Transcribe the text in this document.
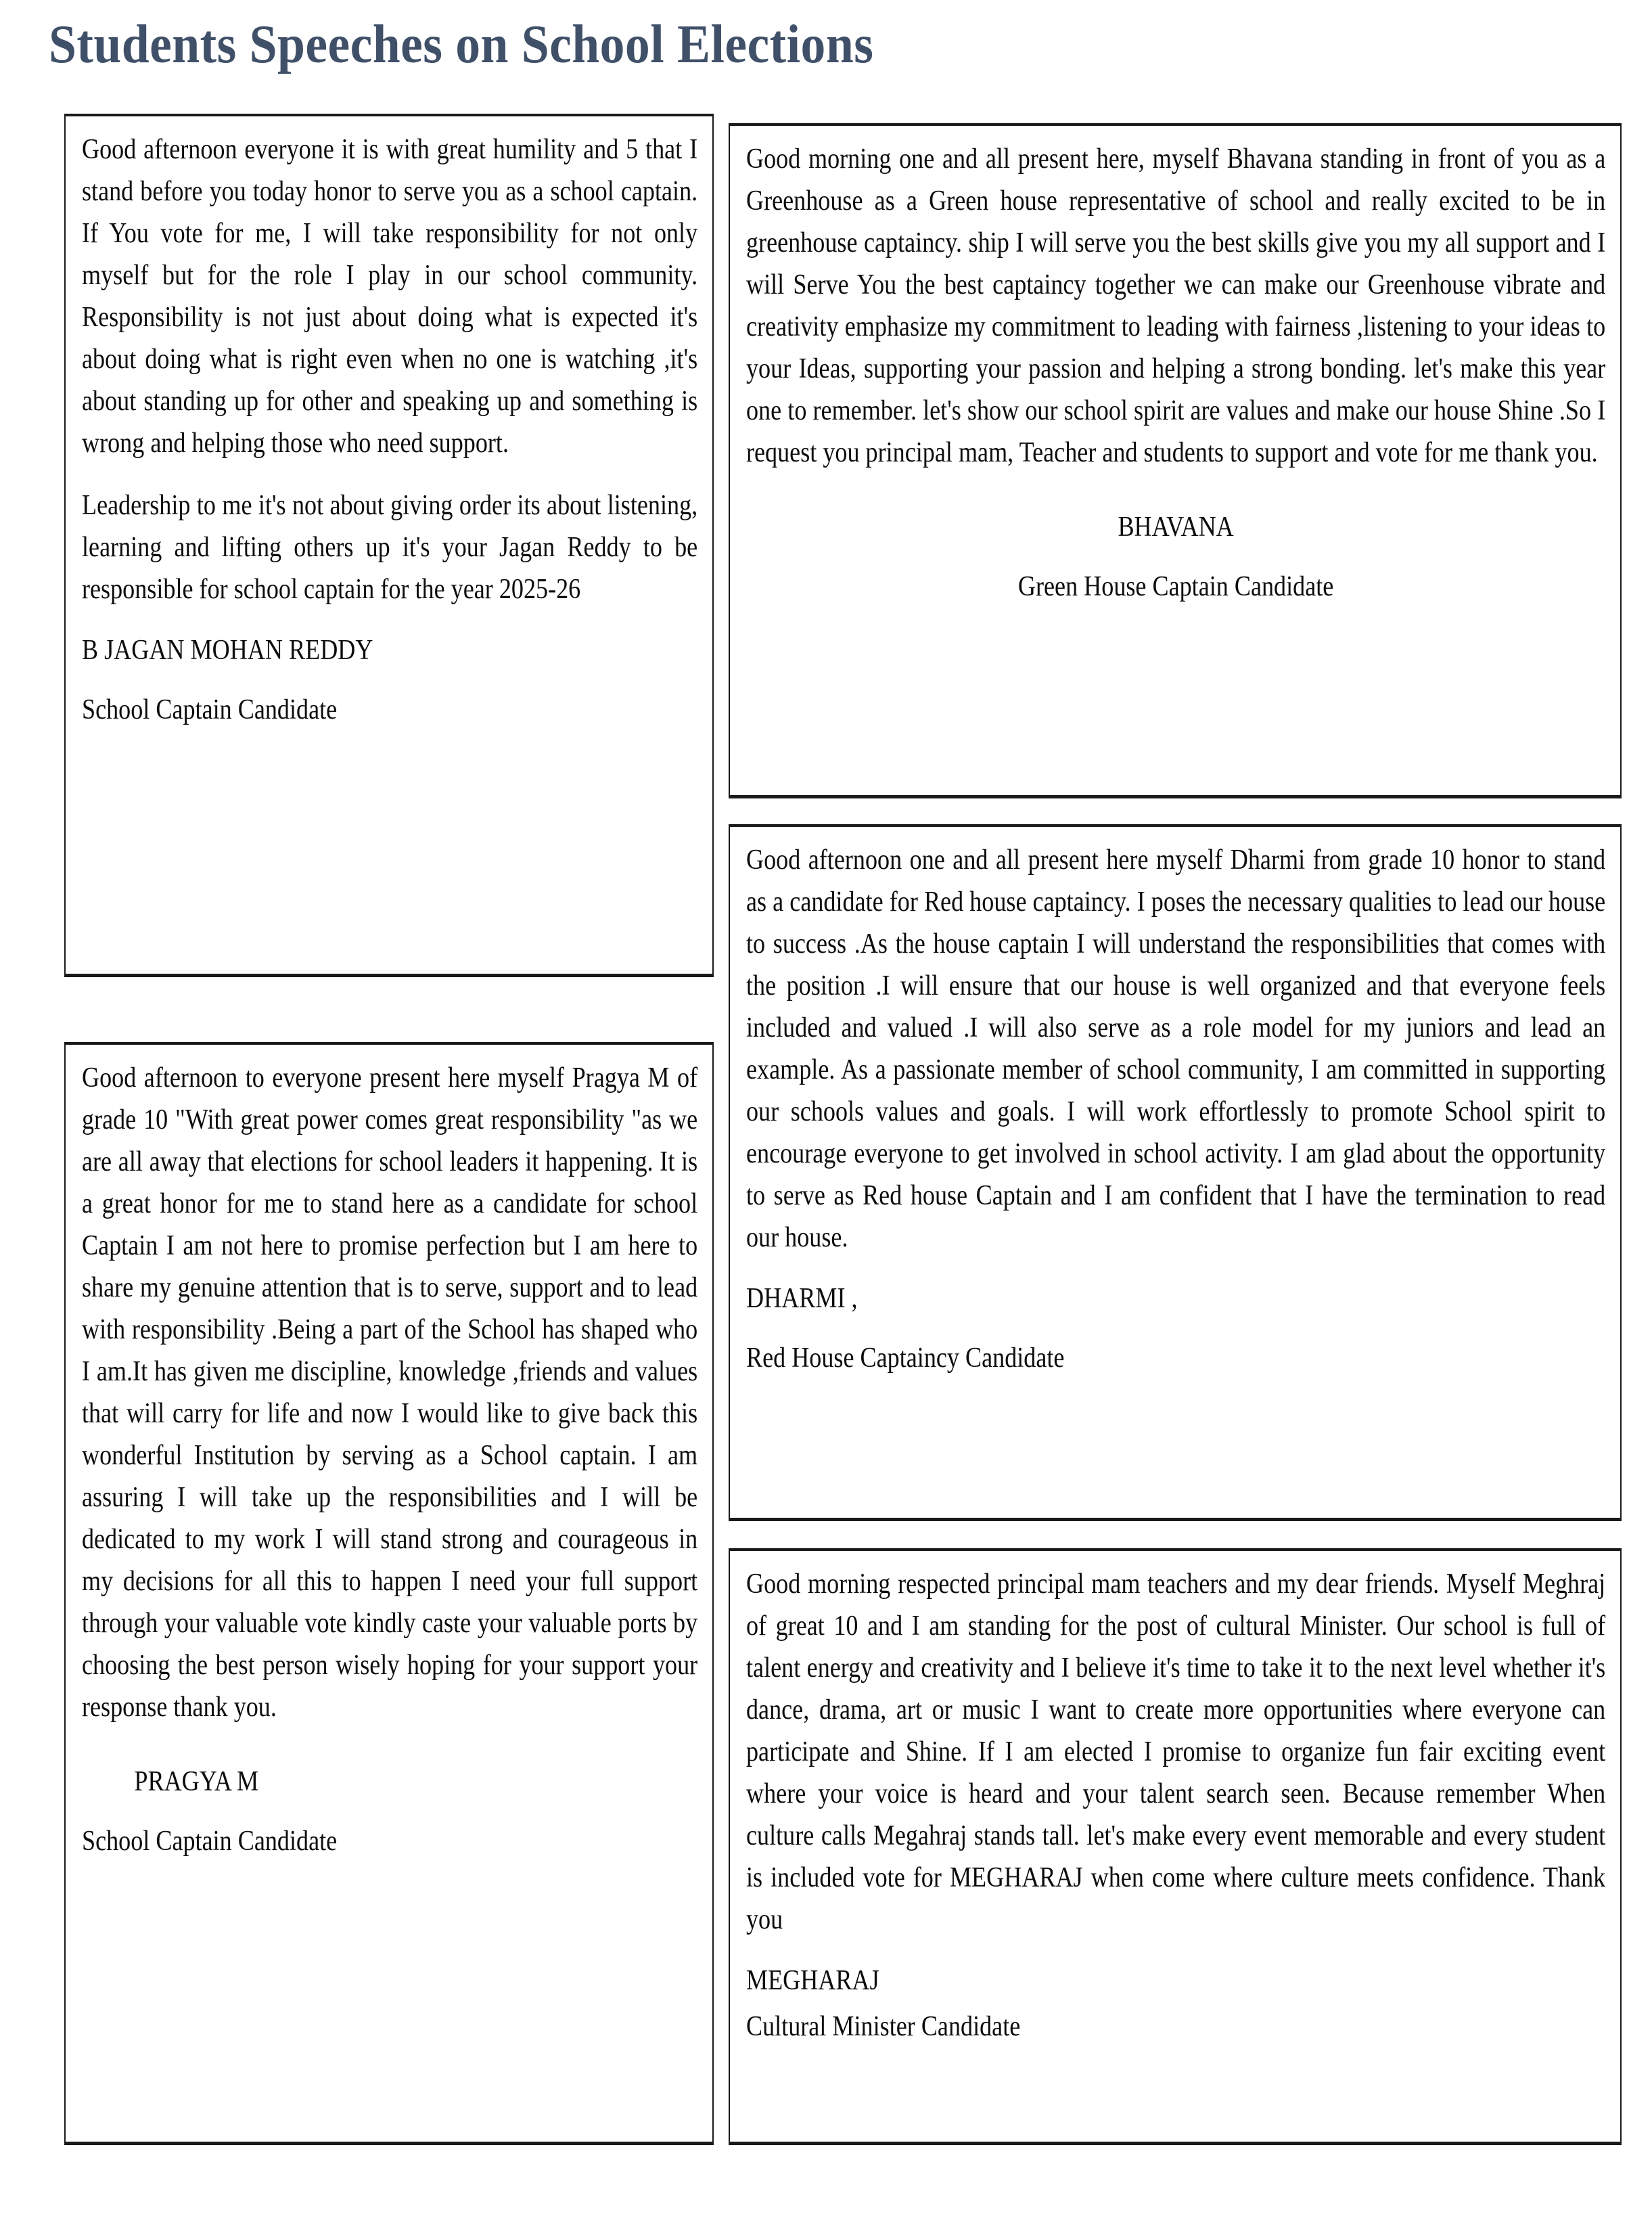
Students Speeches on School Elections
Good afternoon everyone it is with great humility and 5 that I stand before you today honor to serve you as a school captain. If You vote for me, I will take responsibility for not only myself but for the role I play in our school community. Responsibility is not just about doing what is expected it's about doing what is right even when no one is watching ,it's about standing up for other and speaking up and something is wrong and helping those who need support.
Leadership to me it's not about giving order its about listening, learning and lifting others up it's your Jagan Reddy to be responsible for school captain for the year 2025-26
B JAGAN MOHAN REDDY
School Captain Candidate
Good afternoon to everyone present here myself Pragya M of grade 10 "With great power comes great responsibility "as we are all away that elections for school leaders it happening. It is a great honor for me to stand here as a candidate for school Captain I am not here to promise perfection but I am here to share my genuine attention that is to serve, support and to lead with responsibility .Being a part of the School has shaped who I am.It has given me discipline, knowledge ,friends and values that will carry for life and now I would like to give back this wonderful Institution by serving as a School captain. I am assuring I will take up the responsibilities and I will be dedicated to my work I will stand strong and courageous in my decisions for all this to happen I need your full support through your valuable vote kindly caste your valuable ports by choosing the best person wisely hoping for your support your response thank you.
PRAGYA M
School Captain Candidate
Good morning one and all present here, myself Bhavana standing in front of you as a Greenhouse as a Green house representative of school and really excited to be in greenhouse captaincy. ship I will serve you the best skills give you my all support and I will Serve You the best captaincy together we can make our Greenhouse vibrate and creativity emphasize my commitment to leading with fairness ,listening to your ideas to your Ideas, supporting your passion and helping a strong bonding. let's make this year one to remember. let's show our school spirit are values and make our house Shine .So I request you principal mam, Teacher and students to support and vote for me thank you.
BHAVANA
Green House Captain Candidate
Good afternoon one and all present here myself Dharmi from grade 10 honor to stand as a candidate for Red house captaincy. I poses the necessary qualities to lead our house to success .As the house captain I will understand the responsibilities that comes with the position .I will ensure that our house is well organized and that everyone feels included and valued .I will also serve as a role model for my juniors and lead an example. As a passionate member of school community, I am committed in supporting our schools values and goals. I will work effortlessly to promote School spirit to encourage everyone to get involved in school activity. I am glad about the opportunity to serve as Red house Captain and I am confident that I have the termination to read our house.
DHARMI ,
Red House Captaincy Candidate
Good morning respected principal mam teachers and my dear friends. Myself Meghraj of great 10 and I am standing for the post of cultural Minister. Our school is full of talent energy and creativity and I believe it's time to take it to the next level whether it's dance, drama, art or music I want to create more opportunities where everyone can participate and Shine. If I am elected I promise to organize fun fair exciting event where your voice is heard and your talent search seen. Because remember When culture calls Megahraj stands tall. let's make every event memorable and every student is included vote for MEGHARAJ when come where culture meets confidence. Thank you
MEGHARAJ
Cultural Minister Candidate
